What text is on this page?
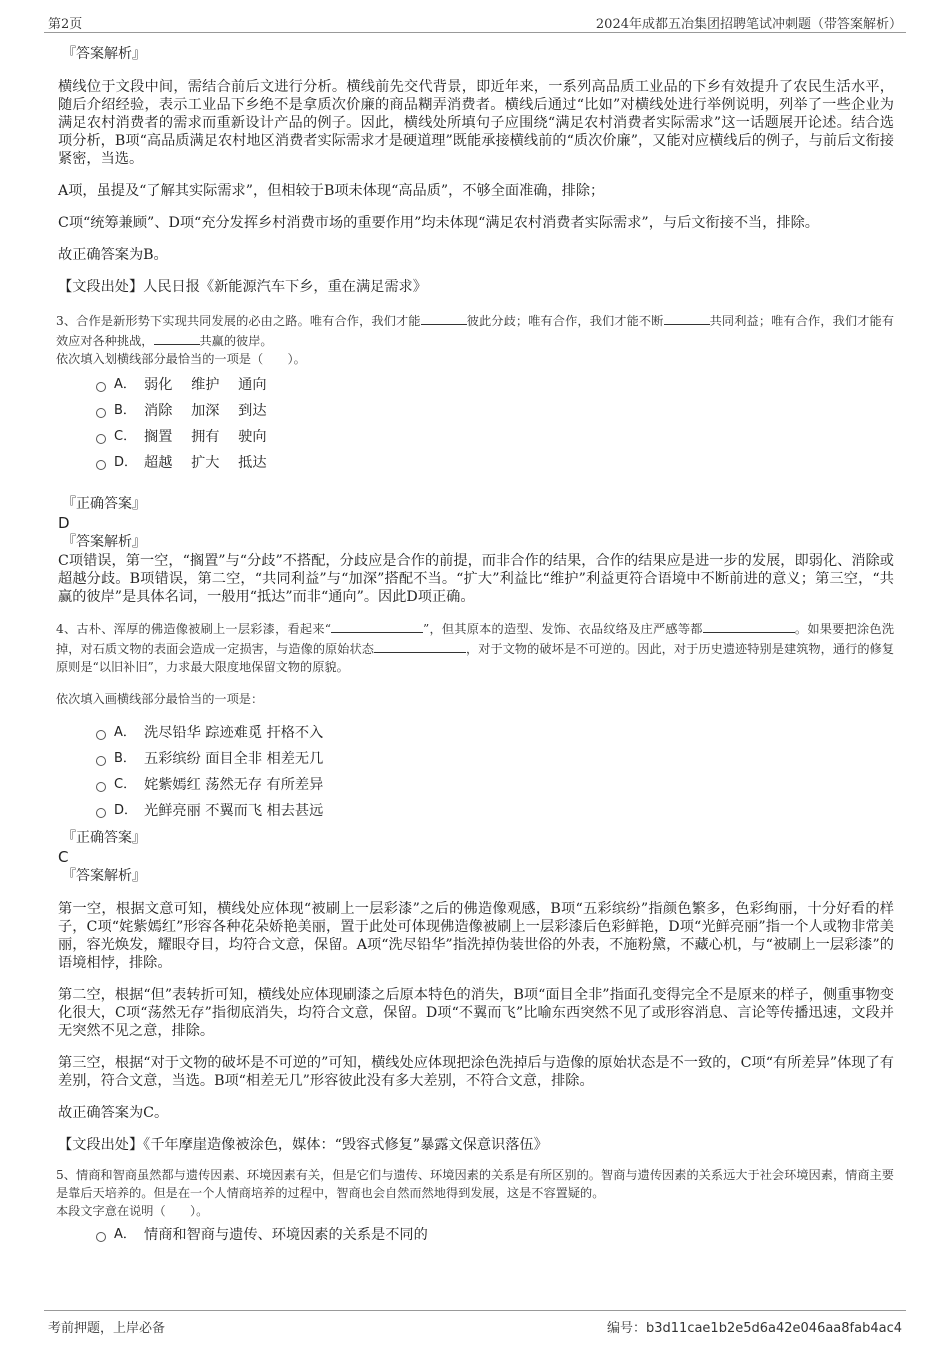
第2页	2024年成都五冶集团招聘笔试冲刺题（带答案解析）
『答案解析』

横线位于文段中间，需结合前后文进行分析。横线前先交代背景，即近年来，一系列高品质工业品的下乡有效提升了农民生活水平，随后介绍经验，表示工业品下乡绝不是拿质次价廉的商品糊弄消费者。横线后通过“比如”对横线处进行举例说明，列举了一些企业为满足农村消费者的需求而重新设计产品的例子。因此，横线处所填句子应围绕“满足农村消费者实际需求”这一话题展开论述。结合选项分析，B项“高品质满足农村地区消费者实际需求才是硬道理”既能承接横线前的“质次价廉”，又能对应横线后的例子，与前后文衔接紧密，当选。

A项，虽提及“了解其实际需求”，但相较于B项未体现“高品质”，不够全面准确，排除；

C项“统筹兼顾”、D项“充分发挥乡村消费市场的重要作用”均未体现“满足农村消费者实际需求”，与后文衔接不当，排除。

故正确答案为B。

【文段出处】人民日报《新能源汽车下乡，重在满足需求》

3、合作是新形势下实现共同发展的必由之路。唯有合作，我们才能	彼此分歧；唯有合作，我们才能不断	共同利益；唯有合作，我们才能有效应对各种挑战，	共赢的彼岸。

依次填入划横线部分最恰当的一项是（　　）。

A． 弱化　 维护　 通向
B． 消除　 加深　 到达
C． 搁置　 拥有　 驶向
D． 超越　 扩大　 抵达
『正确答案』
D
『答案解析』

C项错误，第一空，“搁置”与“分歧”不搭配，分歧应是合作的前提，而非合作的结果，合作的结果应是进一步的发展，即弱化、消除或超越分歧。B项错误，第二空，“共同利益”与“加深”搭配不当。“扩大”利益比“维护”利益更符合语境中不断前进的意义；第三空，“共赢的彼岸”是具体名词，一般用“抵达”而非“通向”。因此D项正确。

4、古朴、浑厚的佛造像被刷上一层彩漆，看起来“	”，但其原本的造型、发饰、衣品纹络及庄严感等都	。如果要把涂色洗掉，对石质文物的表面会造成一定损害，与造像的原始状态	，对于文物的破坏是不可逆的。因此，对于历史遗迹特别是建筑物，通行的修复原则是“以旧补旧”，力求最大限度地保留文物的原貌。

依次填入画横线部分最恰当的一项是：

A． 洗尽铅华 踪迹难觅 扞格不入
B． 五彩缤纷 面目全非 相差无几
C． 姹紫嫣红 荡然无存 有所差异
D． 光鲜亮丽 不翼而飞 相去甚远
『正确答案』
C
『答案解析』

第一空，根据文意可知，横线处应体现“被刷上一层彩漆”之后的佛造像观感，B项“五彩缤纷”指颜色繁多，色彩绚丽，十分好看的样子，C项“姹紫嫣红”形容各种花朵娇艳美丽，置于此处可体现佛造像被刷上一层彩漆后色彩鲜艳，D项“光鲜亮丽”指一个人或物非常美丽，容光焕发，耀眼夺目，均符合文意，保留。A项“洗尽铅华”指洗掉伪装世俗的外表，不施粉黛，不藏心机，与“被刷上一层彩漆”的语境相悖，排除。

第二空，根据“但”表转折可知，横线处应体现刷漆之后原本特色的消失，B项“面目全非”指面孔变得完全不是原来的样子，侧重事物变化很大，C项“荡然无存”指彻底消失，均符合文意，保留。D项“不翼而飞”比喻东西突然不见了或形容消息、言论等传播迅速，文段并无突然不见之意，排除。

第三空，根据“对于文物的破坏是不可逆的”可知，横线处应体现把涂色洗掉后与造像的原始状态是不一致的，C项“有所差异”体现了有差别，符合文意，当选。B项“相差无几”形容彼此没有多大差别，不符合文意，排除。

故正确答案为C。

【文段出处】《千年摩崖造像被涂色，媒体：“毁容式修复”暴露文保意识落伍》

5、情商和智商虽然都与遗传因素、环境因素有关，但是它们与遗传、环境因素的关系是有所区别的。智商与遗传因素的关系远大于社会环境因素，情商主要是靠后天培养的。但是在一个人情商培养的过程中，智商也会自然而然地得到发展，这是不容置疑的。

本段文字意在说明（　　）。

A． 情商和智商与遗传、环境因素的关系是不同的
考前押题，上岸必备	编号：b3d11cae1b2e5d6a42e046aa8fab4ac4
